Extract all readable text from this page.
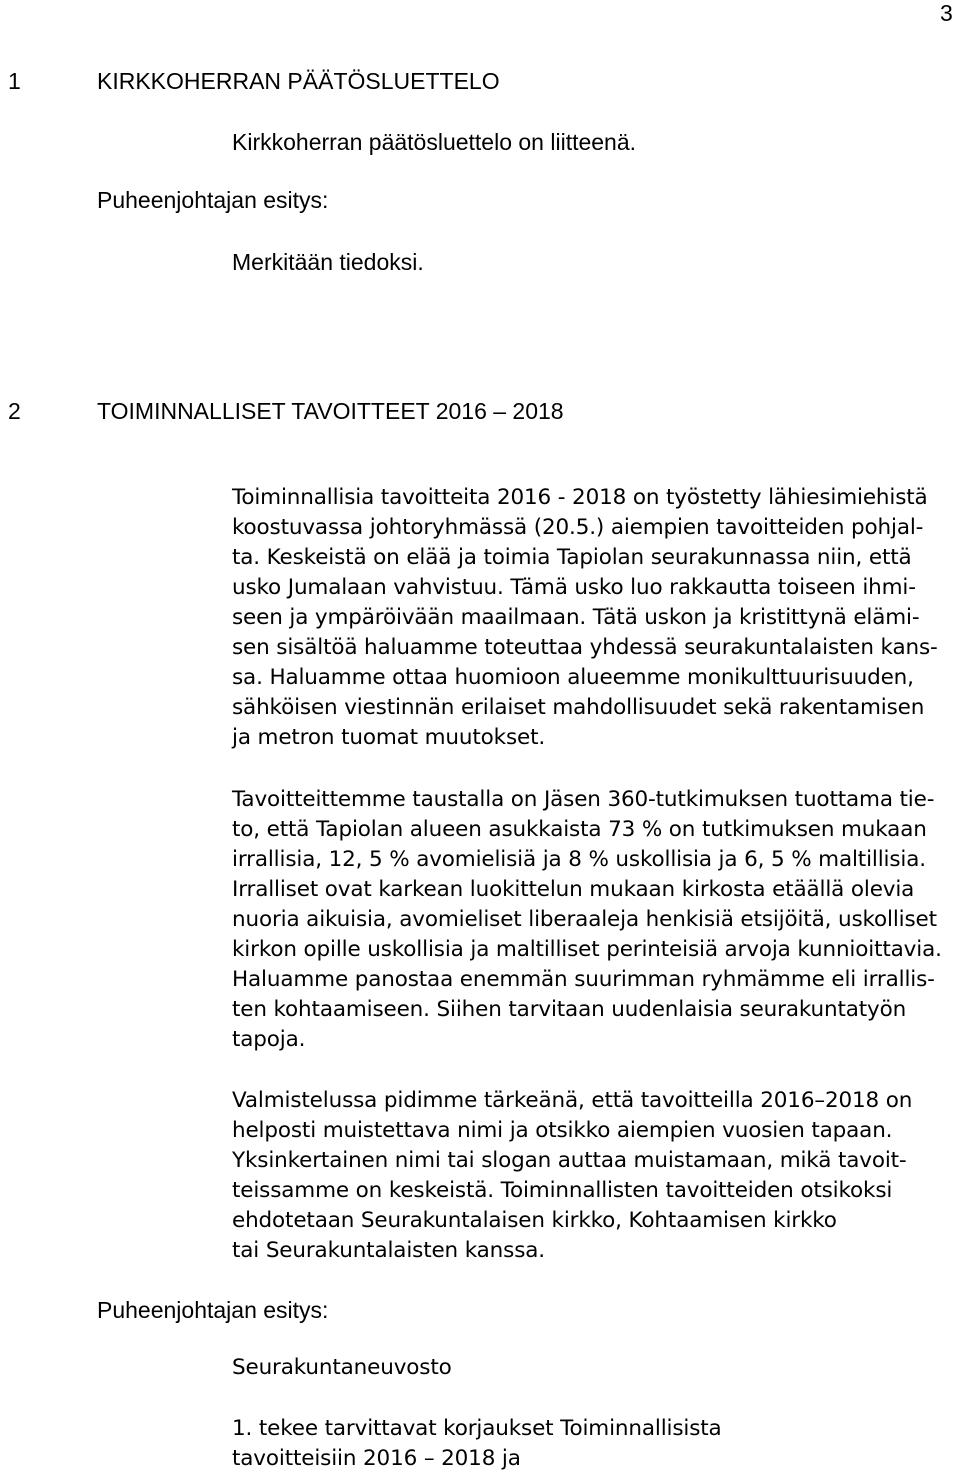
3
1	KIRKKOHERRAN PÄÄTÖSLUETTELO
Kirkkoherran päätösluettelo on liitteenä.
Puheenjohtajan esitys:
Merkitään tiedoksi.
2	TOIMINNALLISET TAVOITTEET 2016 – 2018
Toiminnallisia tavoitteita 2016 - 2018 on työstetty lähiesimiehistä
koostuvassa johtoryhmässä (20.5.) aiempien tavoitteiden pohjal-
ta. Keskeistä on elää ja toimia Tapiolan seurakunnassa niin, että
usko Jumalaan vahvistuu. Tämä usko luo rakkautta toiseen ihmi-
seen ja ympäröivään maailmaan. Tätä uskon ja kristittynä elämi-
sen sisältöä haluamme toteuttaa yhdessä seurakuntalaisten kans-
sa. Haluamme ottaa huomioon alueemme monikulttuurisuuden,
sähköisen viestinnän erilaiset mahdollisuudet sekä rakentamisen
ja metron tuomat muutokset.
Tavoitteittemme taustalla on Jäsen 360-tutkimuksen tuottama tie-
to, että Tapiolan alueen asukkaista 73 % on tutkimuksen mukaan
irrallisia, 12, 5 % avomielisiä ja 8 % uskollisia ja 6, 5 % maltillisia.
Irralliset ovat karkean luokittelun mukaan kirkosta etäällä olevia
nuoria aikuisia, avomieliset liberaaleja henkisiä etsijöitä, uskolliset
kirkon opille uskollisia ja maltilliset perinteisiä arvoja kunnioittavia.
Haluamme panostaa enemmän suurimman ryhmämme eli irrallis-
ten kohtaamiseen. Siihen tarvitaan uudenlaisia seurakuntatyön
tapoja.
Valmistelussa pidimme tärkeänä, että tavoitteilla 2016–2018 on
helposti muistettava nimi ja otsikko aiempien vuosien tapaan.
Yksinkertainen nimi tai slogan auttaa muistamaan, mikä tavoit-
teissamme on keskeistä. Toiminnallisten tavoitteiden otsikoksi
ehdotetaan Seurakuntalaisen kirkko, Kohtaamisen kirkko
tai Seurakuntalaisten kanssa.
Puheenjohtajan esitys:
Seurakuntaneuvosto
1. tekee tarvittavat korjaukset Toiminnallisista
tavoitteisiin 2016 – 2018 ja
